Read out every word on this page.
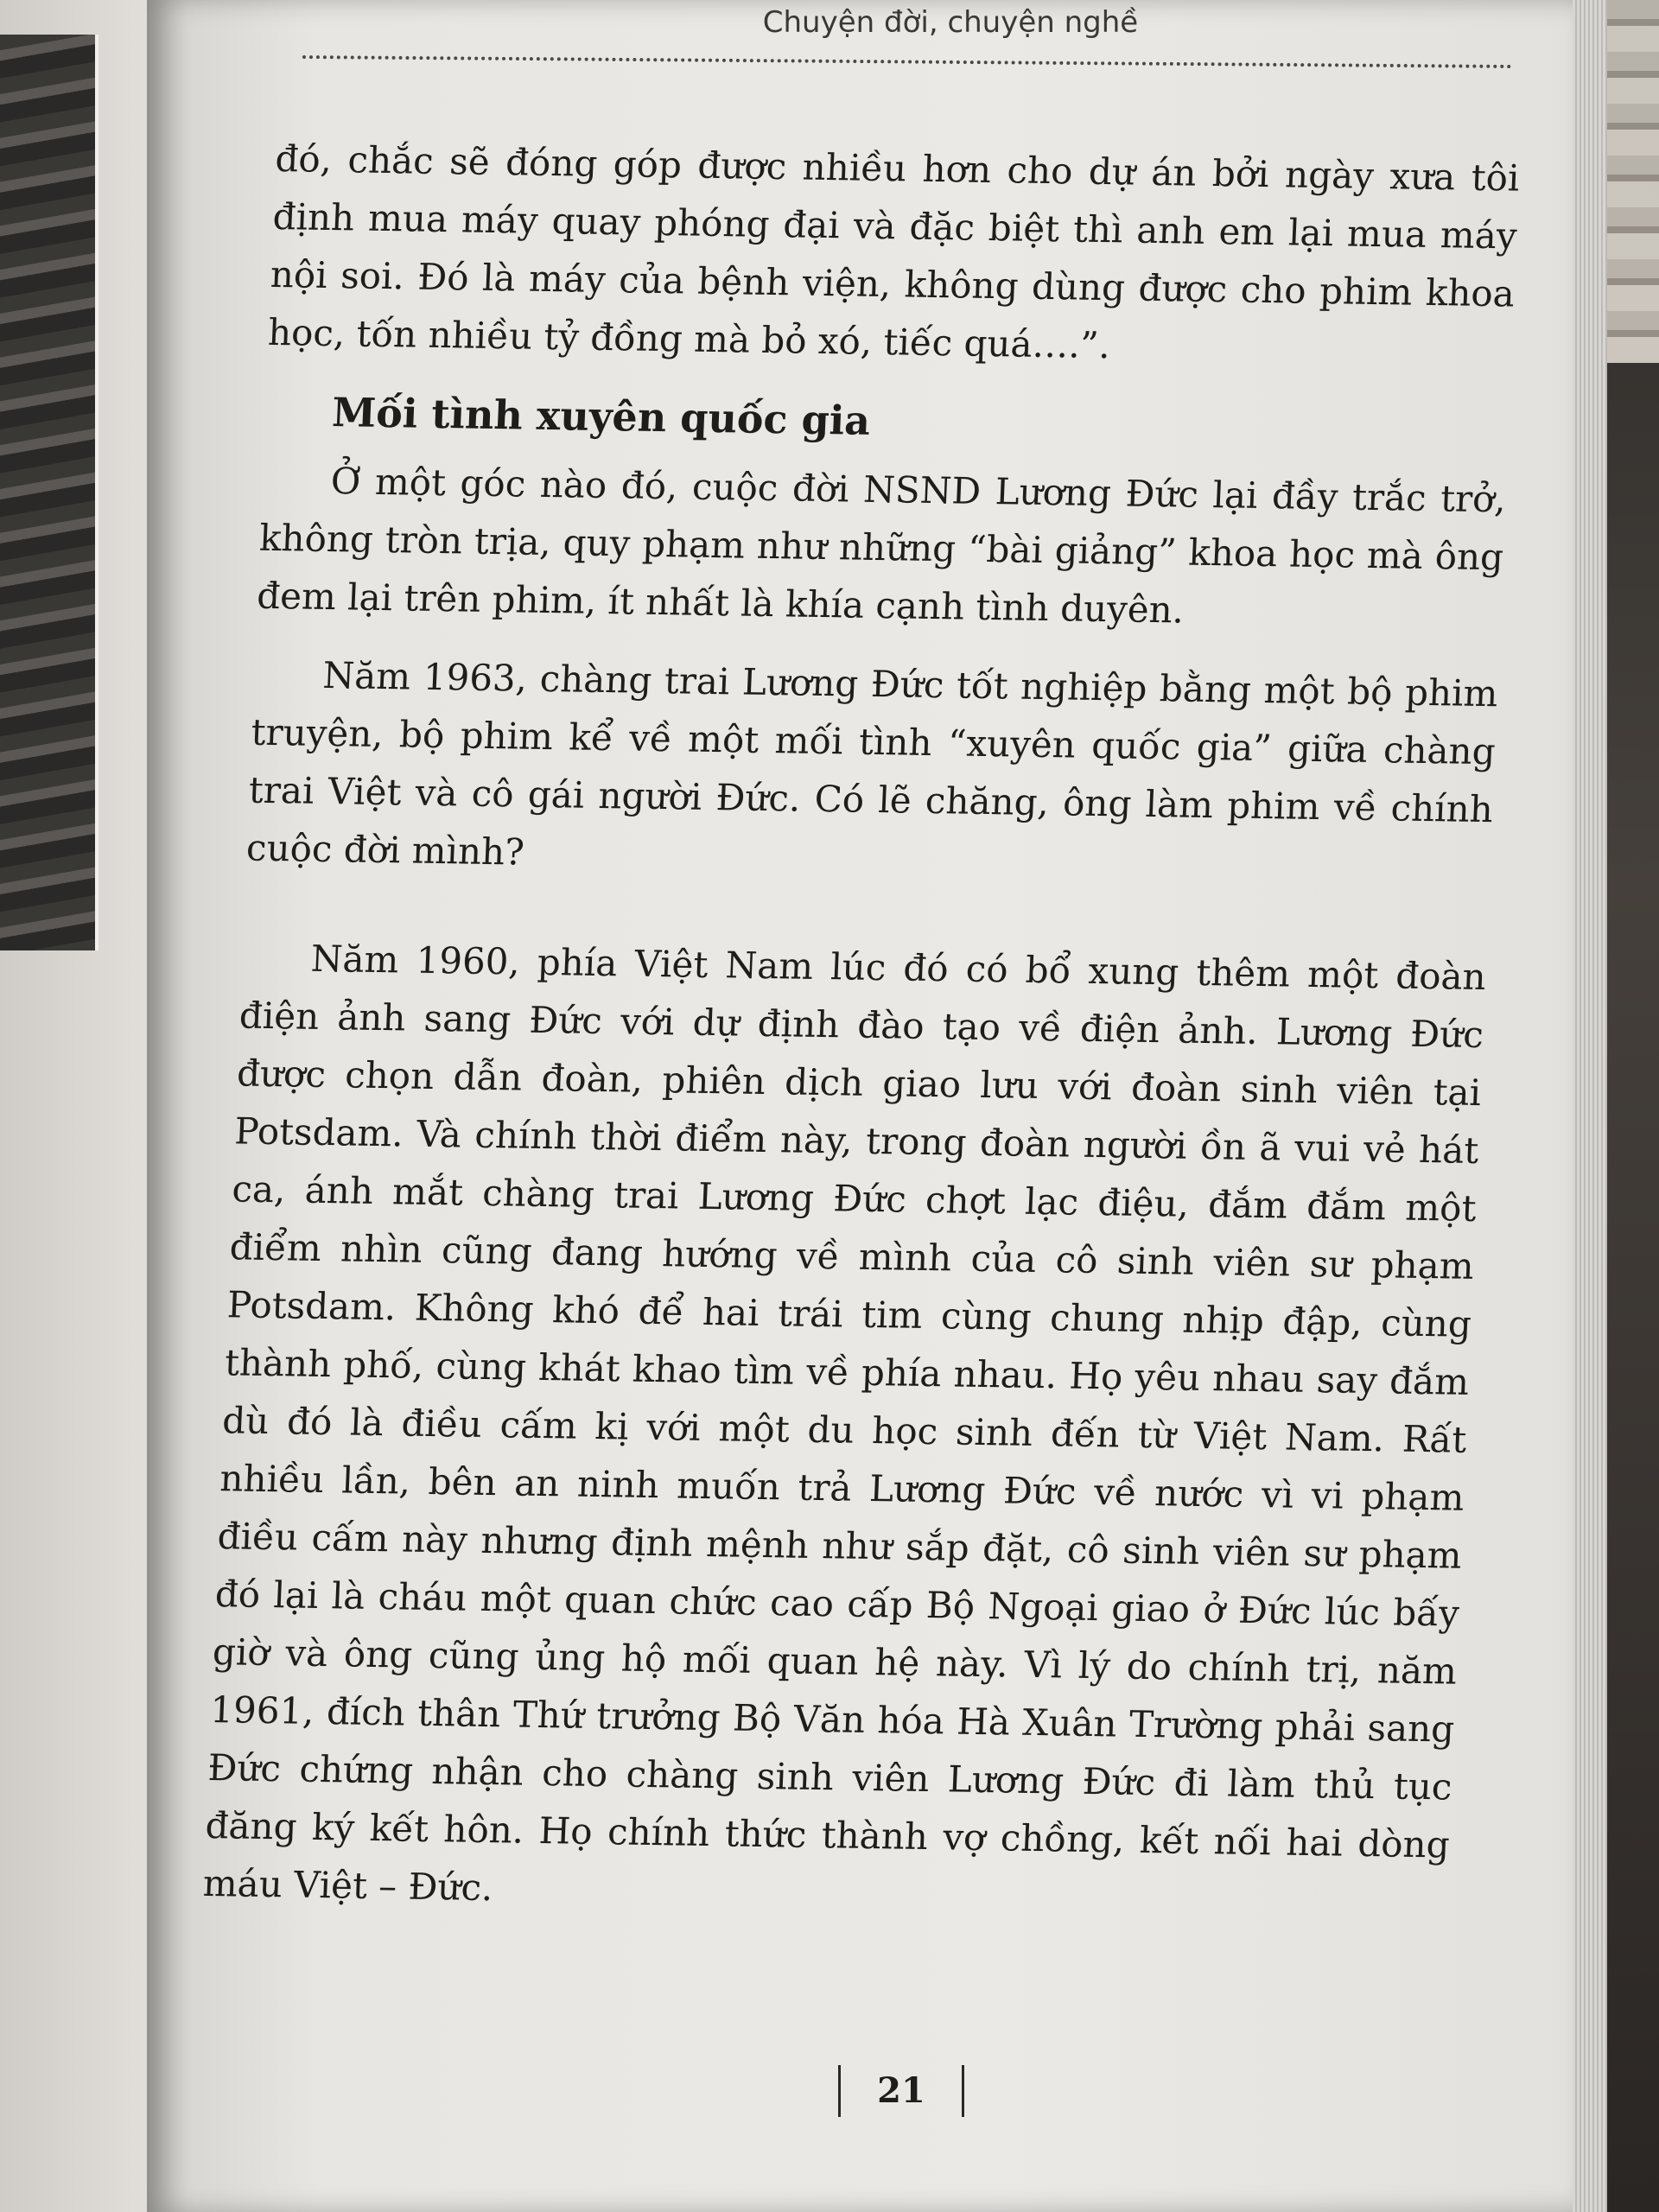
Chuyện đời, chuyện nghề

đó, chắc sẽ đóng góp được nhiều hơn cho dự án bởi ngày xưa tôi định mua máy quay phóng đại và đặc biệt thì anh em lại mua máy nội soi. Đó là máy của bệnh viện, không dùng được cho phim khoa học, tốn nhiều tỷ đồng mà bỏ xó, tiếc quá….”.

Mối tình xuyên quốc gia

Ở một góc nào đó, cuộc đời NSND Lương Đức lại đầy trắc trở, không tròn trịa, quy phạm như những “bài giảng” khoa học mà ông đem lại trên phim, ít nhất là khía cạnh tình duyên.

Năm 1963, chàng trai Lương Đức tốt nghiệp bằng một bộ phim truyện, bộ phim kể về một mối tình “xuyên quốc gia” giữa chàng trai Việt và cô gái người Đức. Có lẽ chăng, ông làm phim về chính cuộc đời mình?

Năm 1960, phía Việt Nam lúc đó có bổ xung thêm một đoàn điện ảnh sang Đức với dự định đào tạo về điện ảnh. Lương Đức được chọn dẫn đoàn, phiên dịch giao lưu với đoàn sinh viên tại Potsdam. Và chính thời điểm này, trong đoàn người ồn ã vui vẻ hát ca, ánh mắt chàng trai Lương Đức chợt lạc điệu, đắm đắm một điểm nhìn cũng đang hướng về mình của cô sinh viên sư phạm Potsdam. Không khó để hai trái tim cùng chung nhịp đập, cùng thành phố, cùng khát khao tìm về phía nhau. Họ yêu nhau say đắm dù đó là điều cấm kị với một du học sinh đến từ Việt Nam. Rất nhiều lần, bên an ninh muốn trả Lương Đức về nước vì vi phạm điều cấm này nhưng định mệnh như sắp đặt, cô sinh viên sư phạm đó lại là cháu một quan chức cao cấp Bộ Ngoại giao ở Đức lúc bấy giờ và ông cũng ủng hộ mối quan hệ này. Vì lý do chính trị, năm 1961, đích thân Thứ trưởng Bộ Văn hóa Hà Xuân Trường phải sang Đức chứng nhận cho chàng sinh viên Lương Đức đi làm thủ tục đăng ký kết hôn. Họ chính thức thành vợ chồng, kết nối hai dòng máu Việt – Đức.

21
